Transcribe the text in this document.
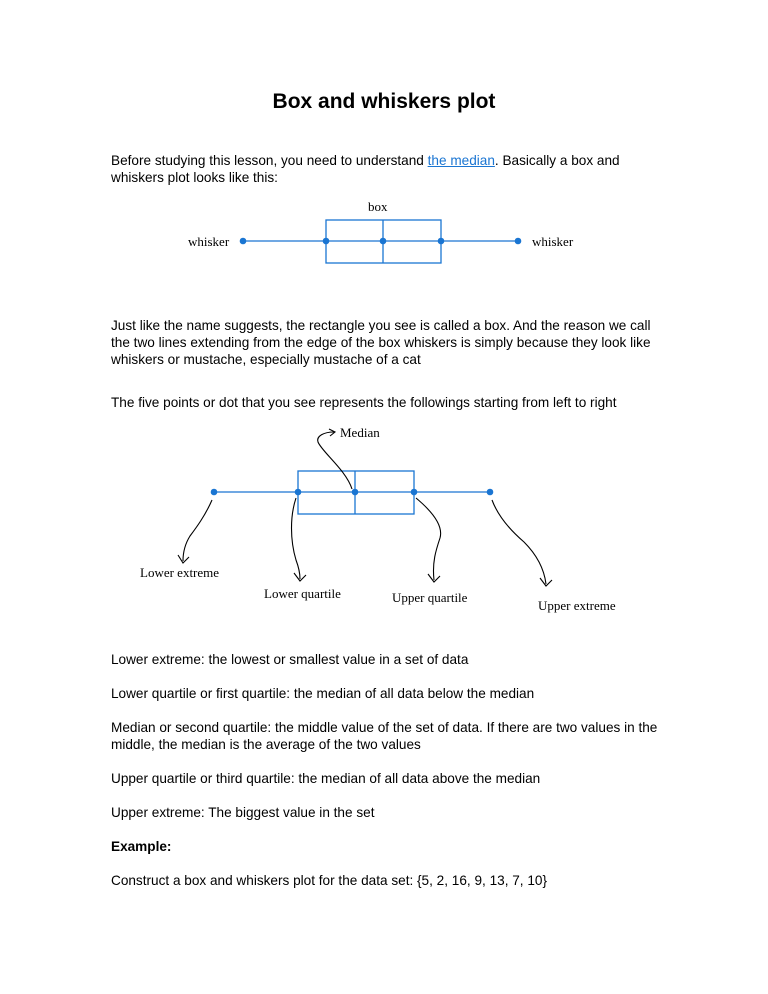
Box and whiskers plot

Before studying this lesson, you need to understand the median. Basically a box and whiskers plot looks like this:

box
whisker	whisker

Just like the name suggests, the rectangle you see is called a box. And the reason we call the two lines extending from the edge of the box whiskers is simply because they look like whiskers or mustache, especially mustache of a cat

The five points or dot that you see represents the followings starting from left to right

Median
Lower extreme
Lower quartile	Upper quartile
Upper extreme

Lower extreme: the lowest or smallest value in a set of data

Lower quartile or first quartile: the median of all data below the median

Median or second quartile: the middle value of the set of data. If there are two values in the middle, the median is the average of the two values

Upper quartile or third quartile: the median of all data above the median

Upper extreme: The biggest value in the set

Example:

Construct a box and whiskers plot for the data set: {5, 2, 16, 9, 13, 7, 10}
